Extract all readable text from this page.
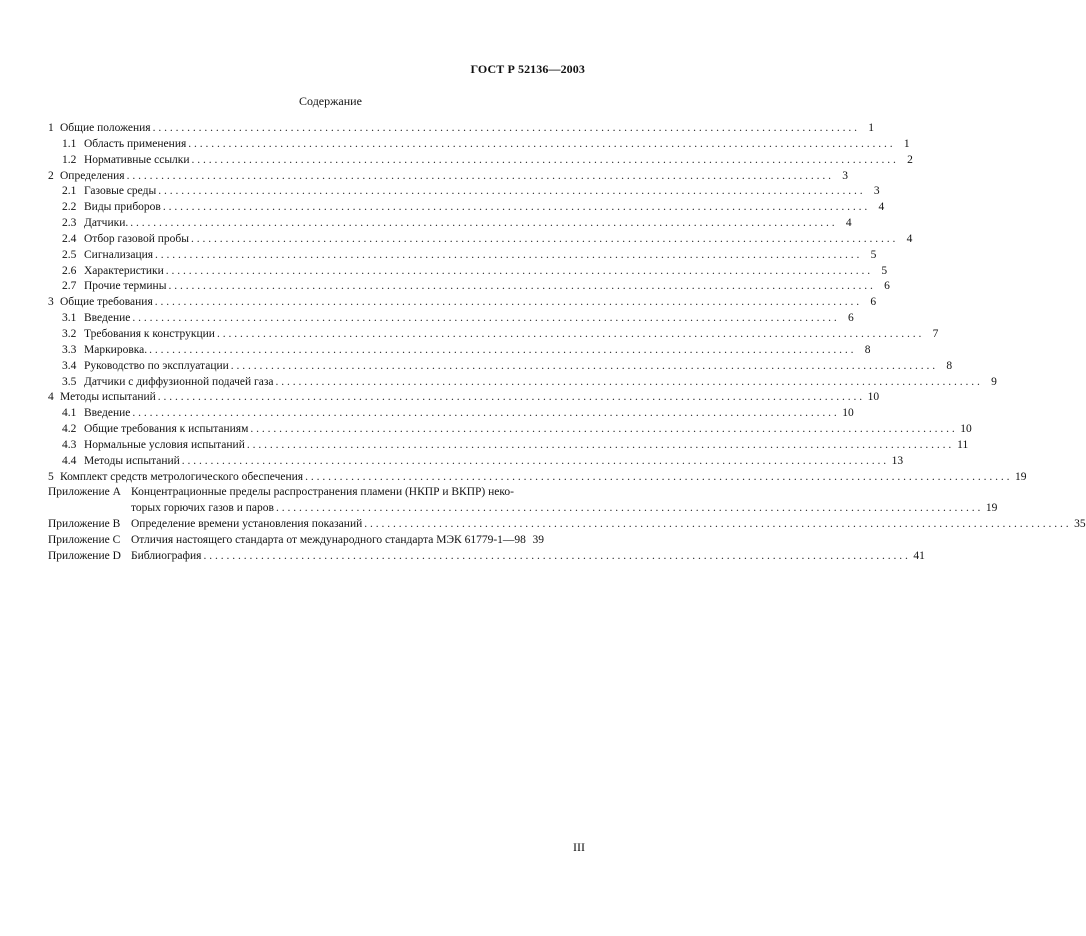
ГОСТ Р 52136—2003
Содержание
1 Общие положения . . .	1
1.1 Область применения . . .	1
1.2 Нормативные ссылки . . .	2
2 Определения . . .	3
2.1 Газовые среды . . .	3
2.2 Виды приборов . . .	4
2.3 Датчики. . . .	4
2.4 Отбор газовой пробы . . .	4
2.5 Сигнализация . . .	5
2.6 Характеристики . . .	5
2.7 Прочие термины . . .	6
3 Общие требования . . .	6
3.1 Введение . . .	6
3.2 Требования к конструкции . . .	7
3.3 Маркировка. . . .	8
3.4 Руководство по эксплуатации . . .	8
3.5 Датчики с диффузионной подачей газа . . .	9
4 Методы испытаний . . .	10
4.1 Введение . . .	10
4.2 Общие требования к испытаниям . . .	10
4.3 Нормальные условия испытаний . . .	11
4.4 Методы испытаний . . .	13
5 Комплект средств метрологического обеспечения . . .	19
Приложение А Концентрационные пределы распространения пламени (НКПР и ВКПР) неко-
торых горючих газов и паров . . .	19
Приложение В Определение времени установления показаний . . .	35
Приложение С Отличия настоящего стандарта от международного стандарта МЭК 61779-1—98 39
Приложение D Библиография . . .	41
III
